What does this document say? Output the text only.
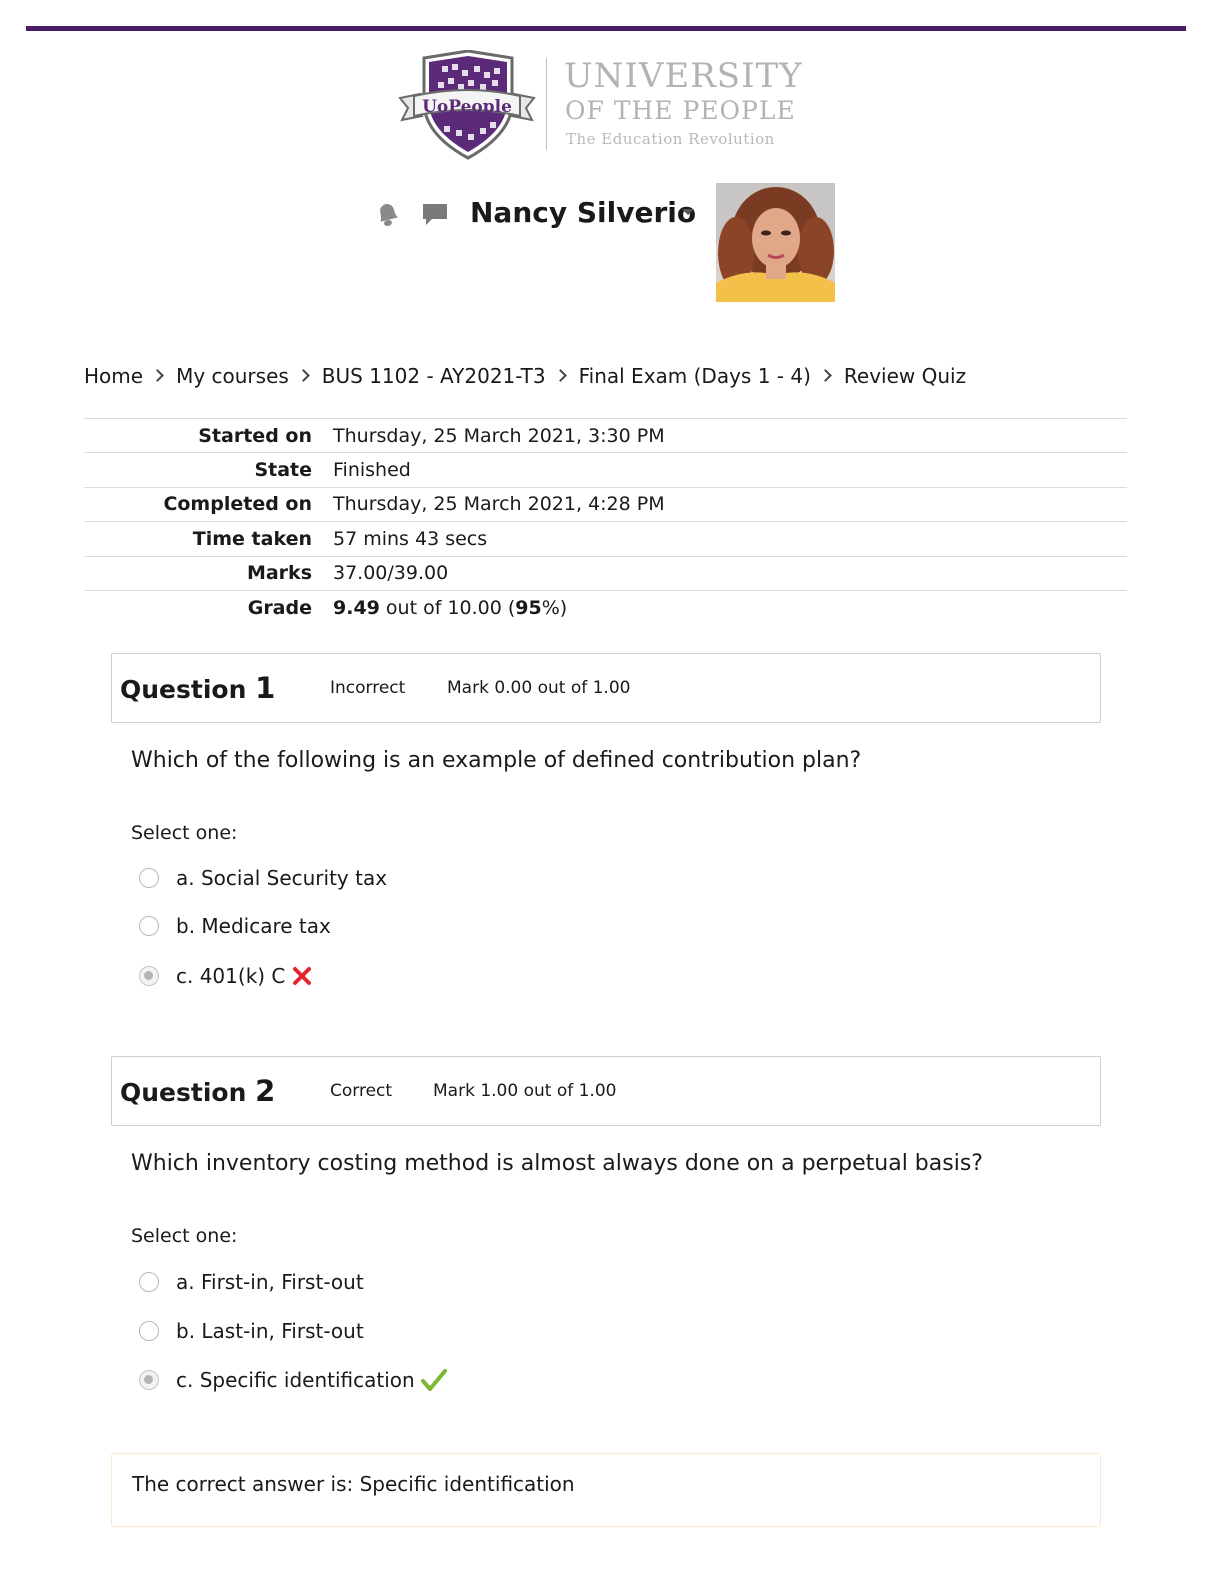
UoPeople
UNIVERSITY
OF THE PEOPLE
The Education Revolution
Nancy Silverio
Home My courses BUS 1102 - AY2021-T3 Final Exam (Days 1 - 4) Review Quiz
Started on	Thursday, 25 March 2021, 3:30 PM
State	Finished
Completed on	Thursday, 25 March 2021, 4:28 PM
Time taken	57 mins 43 secs
Marks	37.00/39.00
Grade	9.49 out of 10.00 (95%)
Question 1	Incorrect Mark 0.00 out of 1.00
Which of the following is an example of defined contribution plan?
Select one:
a. Social Security tax
b. Medicare tax
c. 401(k) C
Question 2	Correct Mark 1.00 out of 1.00
Which inventory costing method is almost always done on a perpetual basis?
Select one:
a. First-in, First-out
b. Last-in, First-out
c. Specific identification
The correct answer is: Specific identification
